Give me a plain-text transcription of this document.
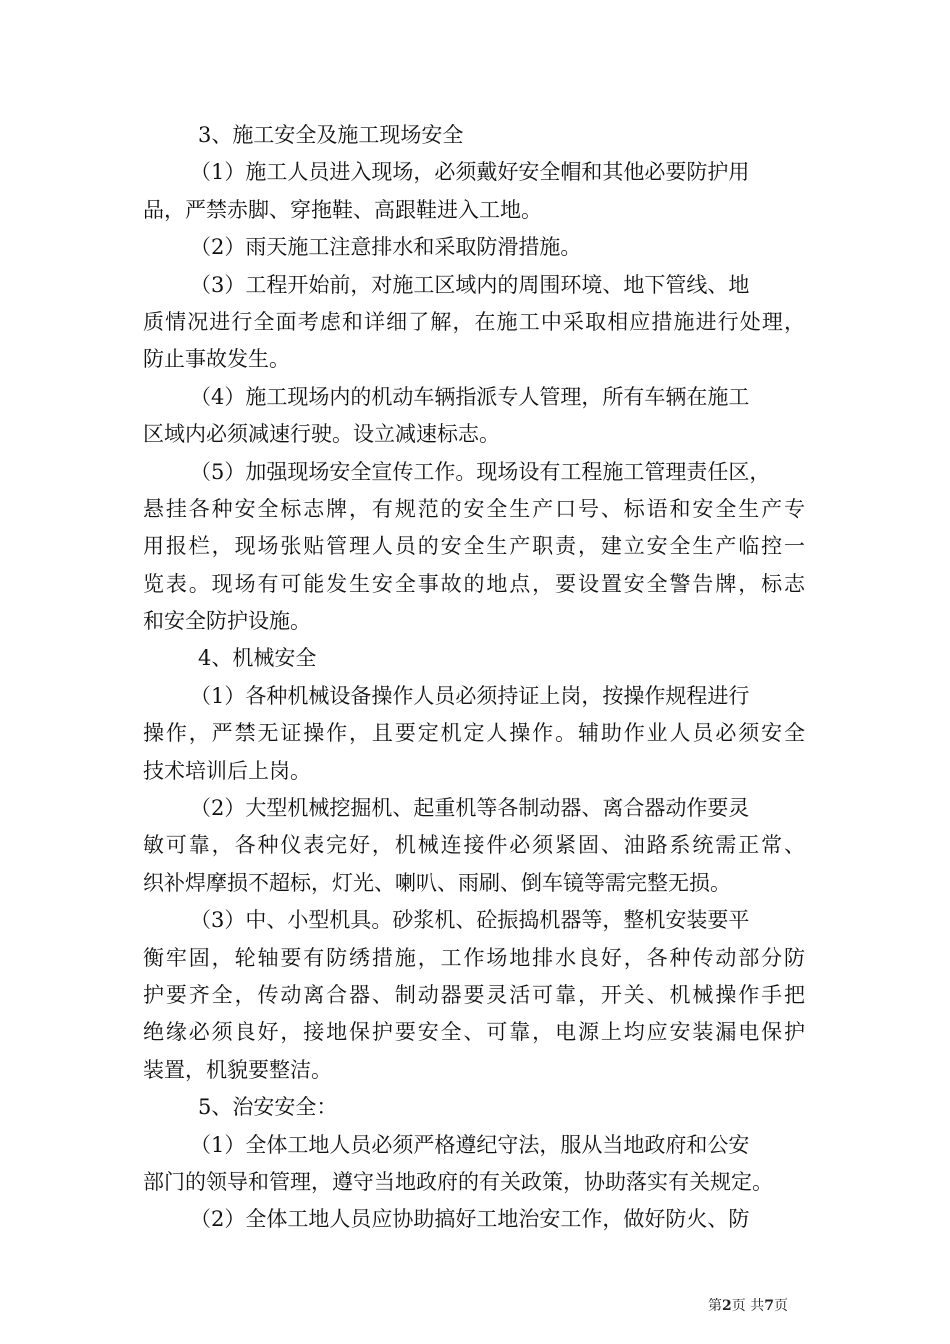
3、施工安全及施工现场安全
（1）施工人员进入现场，必须戴好安全帽和其他必要防护用
品，严禁赤脚、穿拖鞋、高跟鞋进入工地。
（2）雨天施工注意排水和采取防滑措施。
（3）工程开始前，对施工区域内的周围环境、地下管线、地
质情况进行全面考虑和详细了解，在施工中采取相应措施进行处理，
防止事故发生。
（4）施工现场内的机动车辆指派专人管理，所有车辆在施工
区域内必须减速行驶。设立减速标志。
（5）加强现场安全宣传工作。现场设有工程施工管理责任区，
悬挂各种安全标志牌，有规范的安全生产口号、标语和安全生产专
用报栏，现场张贴管理人员的安全生产职责，建立安全生产临控一
览表。现场有可能发生安全事故的地点，要设置安全警告牌，标志
和安全防护设施。
4、机械安全
（1）各种机械设备操作人员必须持证上岗，按操作规程进行
操作，严禁无证操作，且要定机定人操作。辅助作业人员必须安全
技术培训后上岗。
（2）大型机械挖掘机、起重机等各制动器、离合器动作要灵
敏可靠，各种仪表完好，机械连接件必须紧固、油路系统需正常、
织补焊摩损不超标，灯光、喇叭、雨刷、倒车镜等需完整无损。
（3）中、小型机具。砂浆机、砼振捣机器等，整机安装要平
衡牢固，轮轴要有防绣措施，工作场地排水良好，各种传动部分防
护要齐全，传动离合器、制动器要灵活可靠，开关、机械操作手把
绝缘必须良好，接地保护要安全、可靠，电源上均应安装漏电保护
装置，机貌要整洁。
5、治安安全：
（1）全体工地人员必须严格遵纪守法，服从当地政府和公安
部门的领导和管理，遵守当地政府的有关政策，协助落实有关规定。
（2）全体工地人员应协助搞好工地治安工作，做好防火、防
第2页 共7页
